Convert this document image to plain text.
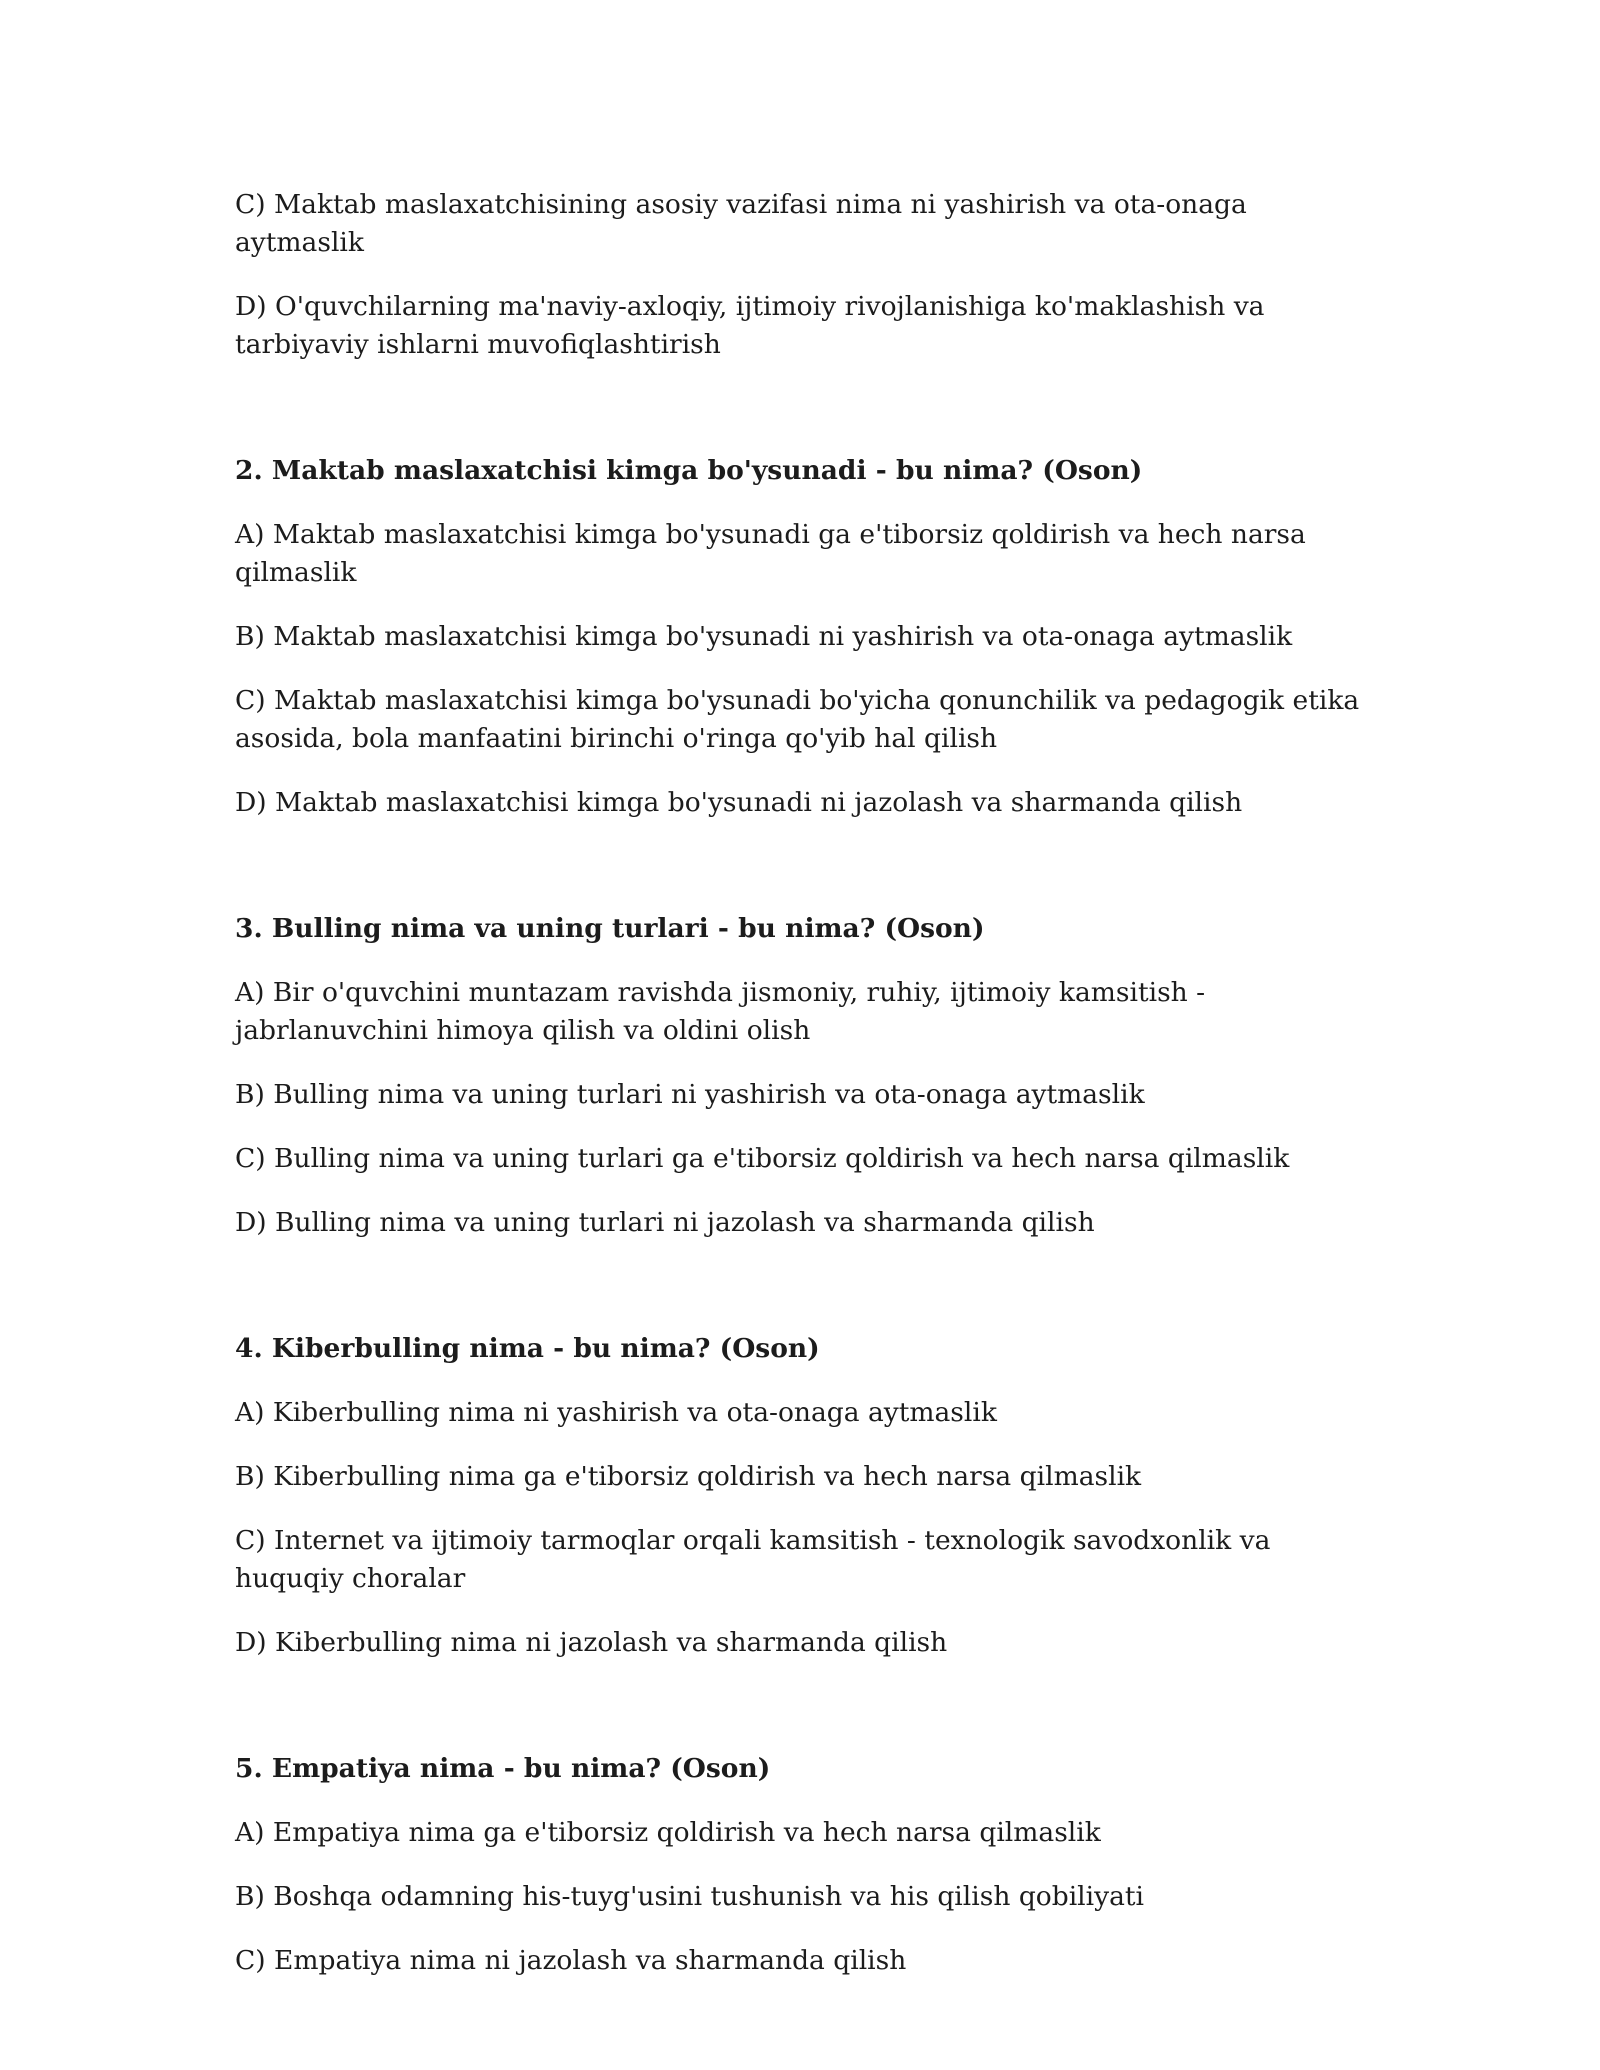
C) Maktab maslaxatchisining asosiy vazifasi nima ni yashirish va ota-onaga aytmaslik

D) O'quvchilarning ma'naviy-axloqiy, ijtimoiy rivojlanishiga ko'maklashish va tarbiyaviy ishlarni muvofiqlashtirish

2. Maktab maslaxatchisi kimga bo'ysunadi - bu nima? (Oson)

A) Maktab maslaxatchisi kimga bo'ysunadi ga e'tiborsiz qoldirish va hech narsa qilmaslik

B) Maktab maslaxatchisi kimga bo'ysunadi ni yashirish va ota-onaga aytmaslik

C) Maktab maslaxatchisi kimga bo'ysunadi bo'yicha qonunchilik va pedagogik etika asosida, bola manfaatini birinchi o'ringa qo'yib hal qilish

D) Maktab maslaxatchisi kimga bo'ysunadi ni jazolash va sharmanda qilish

3. Bulling nima va uning turlari - bu nima? (Oson)

A) Bir o'quvchini muntazam ravishda jismoniy, ruhiy, ijtimoiy kamsitish - jabrlanuvchini himoya qilish va oldini olish

B) Bulling nima va uning turlari ni yashirish va ota-onaga aytmaslik

C) Bulling nima va uning turlari ga e'tiborsiz qoldirish va hech narsa qilmaslik

D) Bulling nima va uning turlari ni jazolash va sharmanda qilish

4. Kiberbulling nima - bu nima? (Oson)

A) Kiberbulling nima ni yashirish va ota-onaga aytmaslik

B) Kiberbulling nima ga e'tiborsiz qoldirish va hech narsa qilmaslik

C) Internet va ijtimoiy tarmoqlar orqali kamsitish - texnologik savodxonlik va huquqiy choralar

D) Kiberbulling nima ni jazolash va sharmanda qilish

5. Empatiya nima - bu nima? (Oson)

A) Empatiya nima ga e'tiborsiz qoldirish va hech narsa qilmaslik

B) Boshqa odamning his-tuyg'usini tushunish va his qilish qobiliyati

C) Empatiya nima ni jazolash va sharmanda qilish
